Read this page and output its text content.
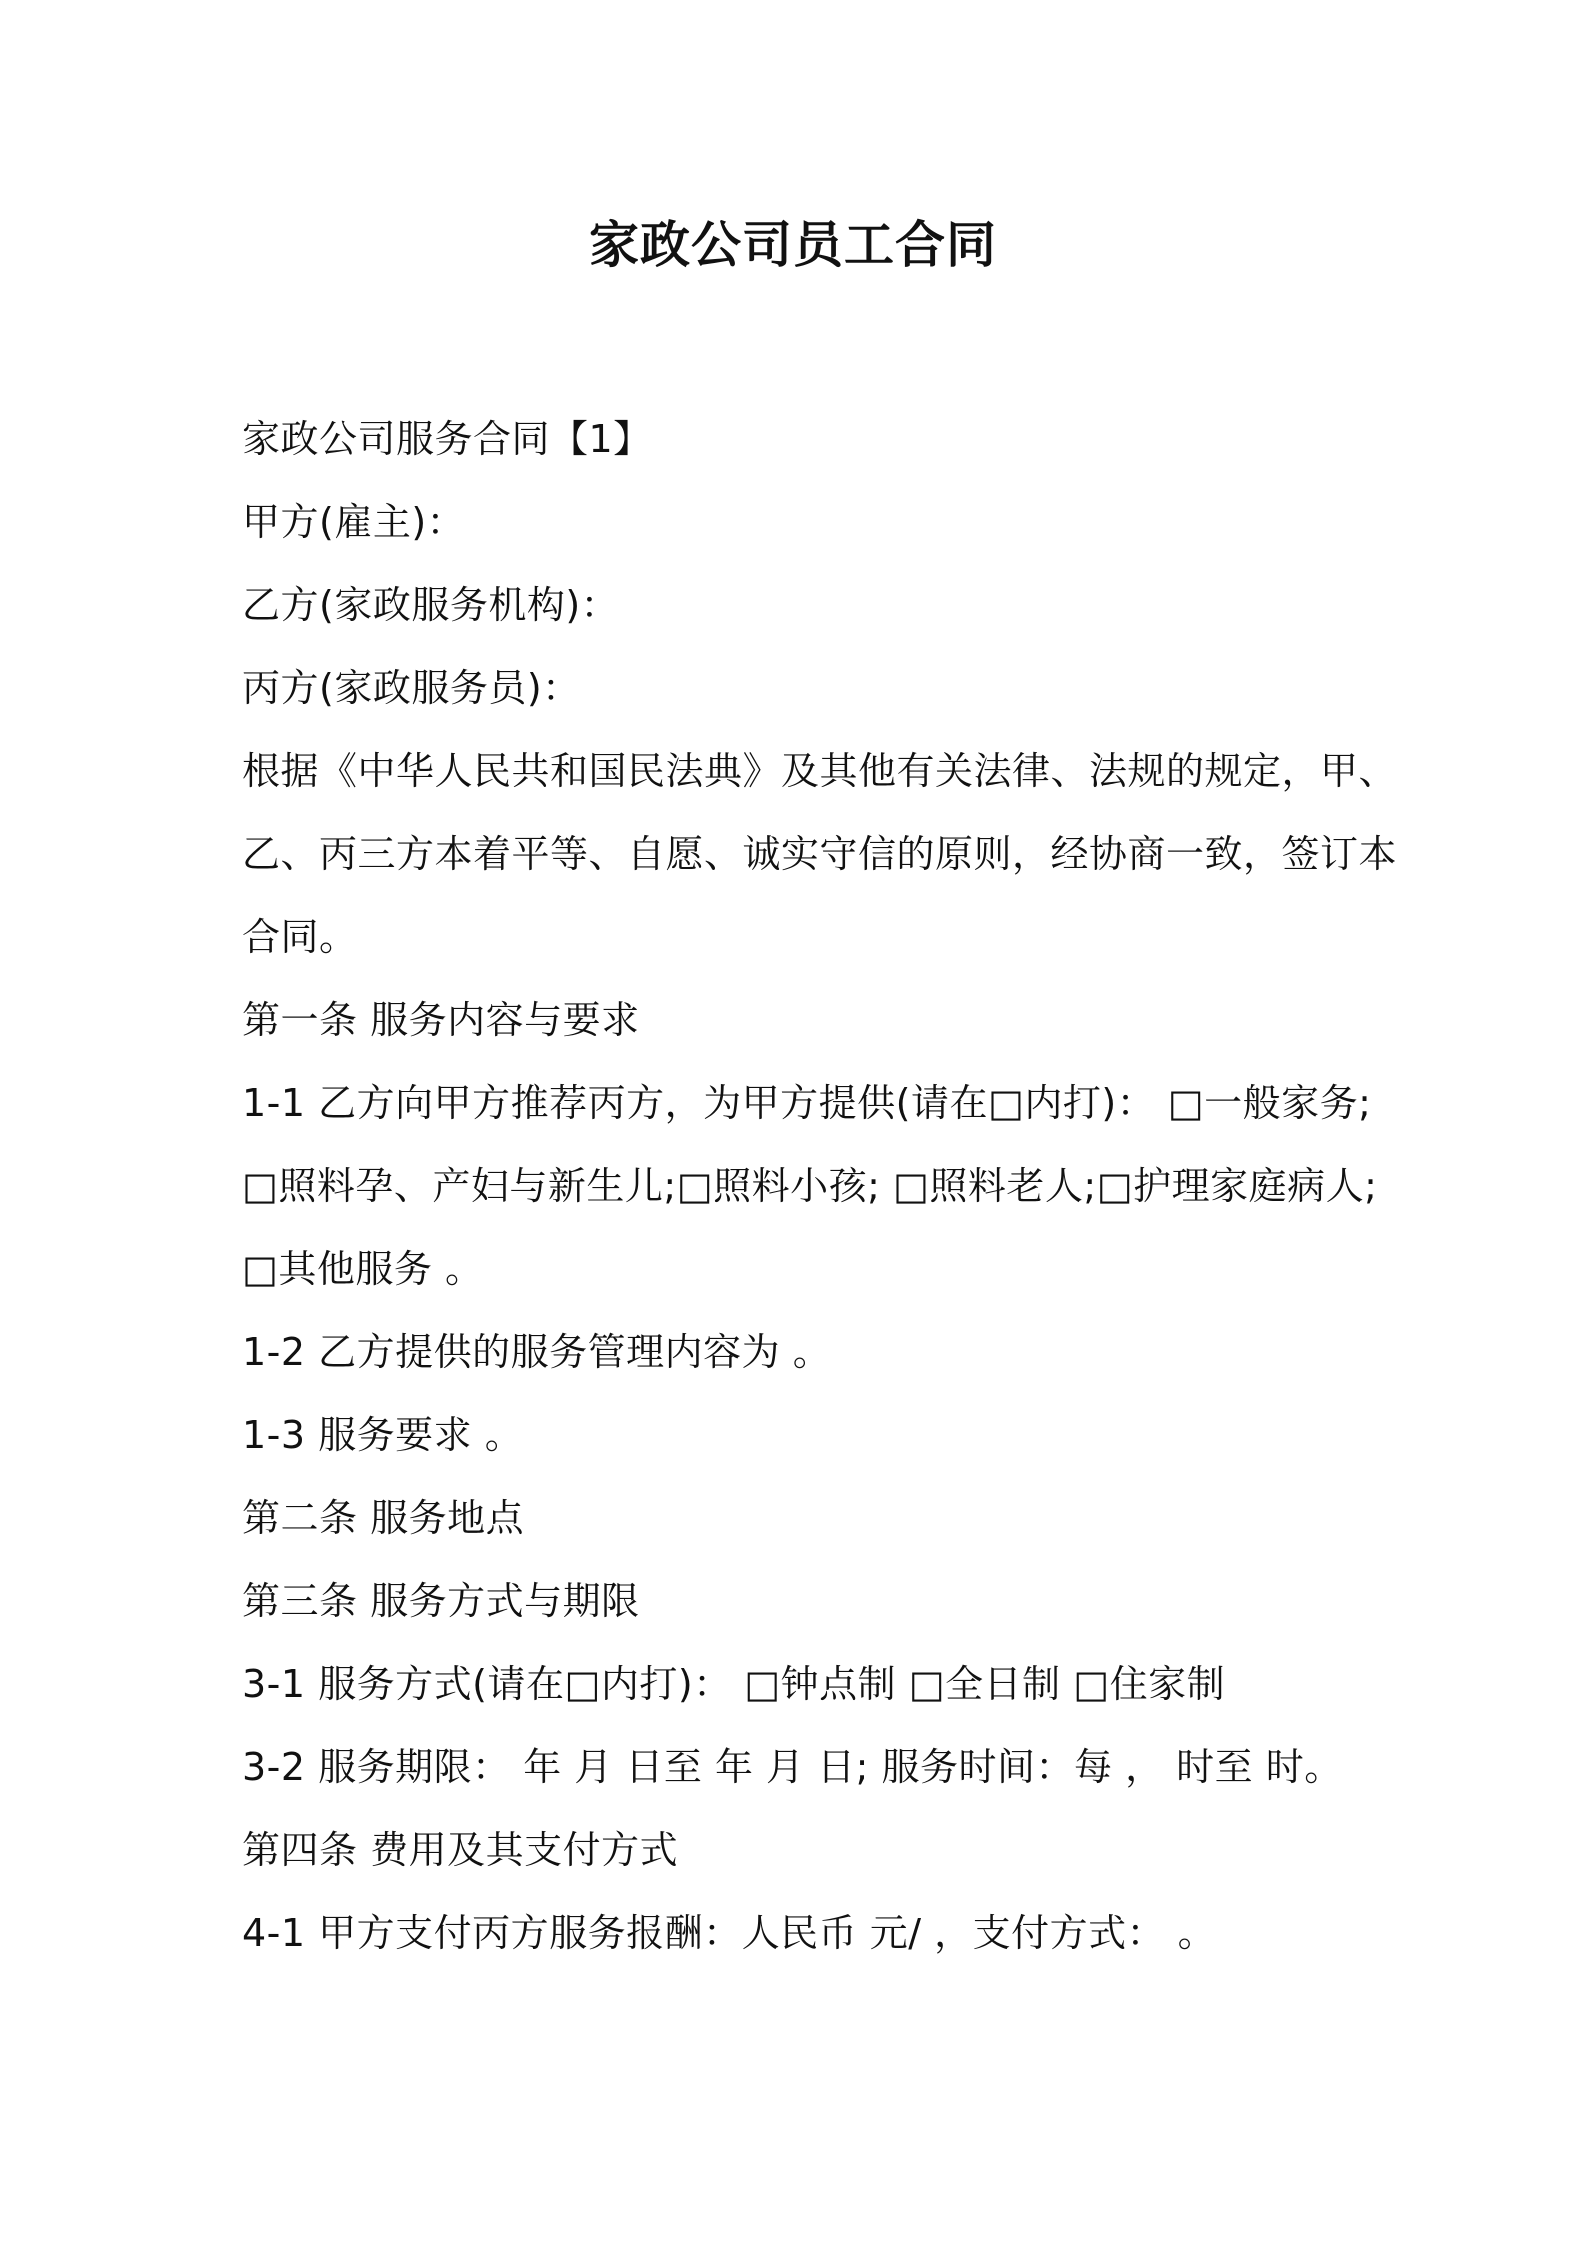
家政公司员工合同
家政公司服务合同【1】
甲方(雇主)：
乙方(家政服务机构)：
丙方(家政服务员)：
根据《中华人民共和国民法典》及其他有关法律、法规的规定，甲、
乙、丙三方本着平等、自愿、诚实守信的原则，经协商一致，签订本
合同。
第一条 服务内容与要求
1-1 乙方向甲方推荐丙方，为甲方提供(请在□内打)： □一般家务;
□照料孕、产妇与新生儿;□照料小孩; □照料老人;□护理家庭病人;
□其他服务 。
1-2 乙方提供的服务管理内容为 。
1-3 服务要求 。
第二条 服务地点
第三条 服务方式与期限
3-1 服务方式(请在□内打)： □钟点制 □全日制 □住家制
3-2 服务期限： 年 月 日至 年 月 日; 服务时间：每 ， 时至 时。
第四条 费用及其支付方式
4-1 甲方支付丙方服务报酬：人民币 元/ ，支付方式： 。
